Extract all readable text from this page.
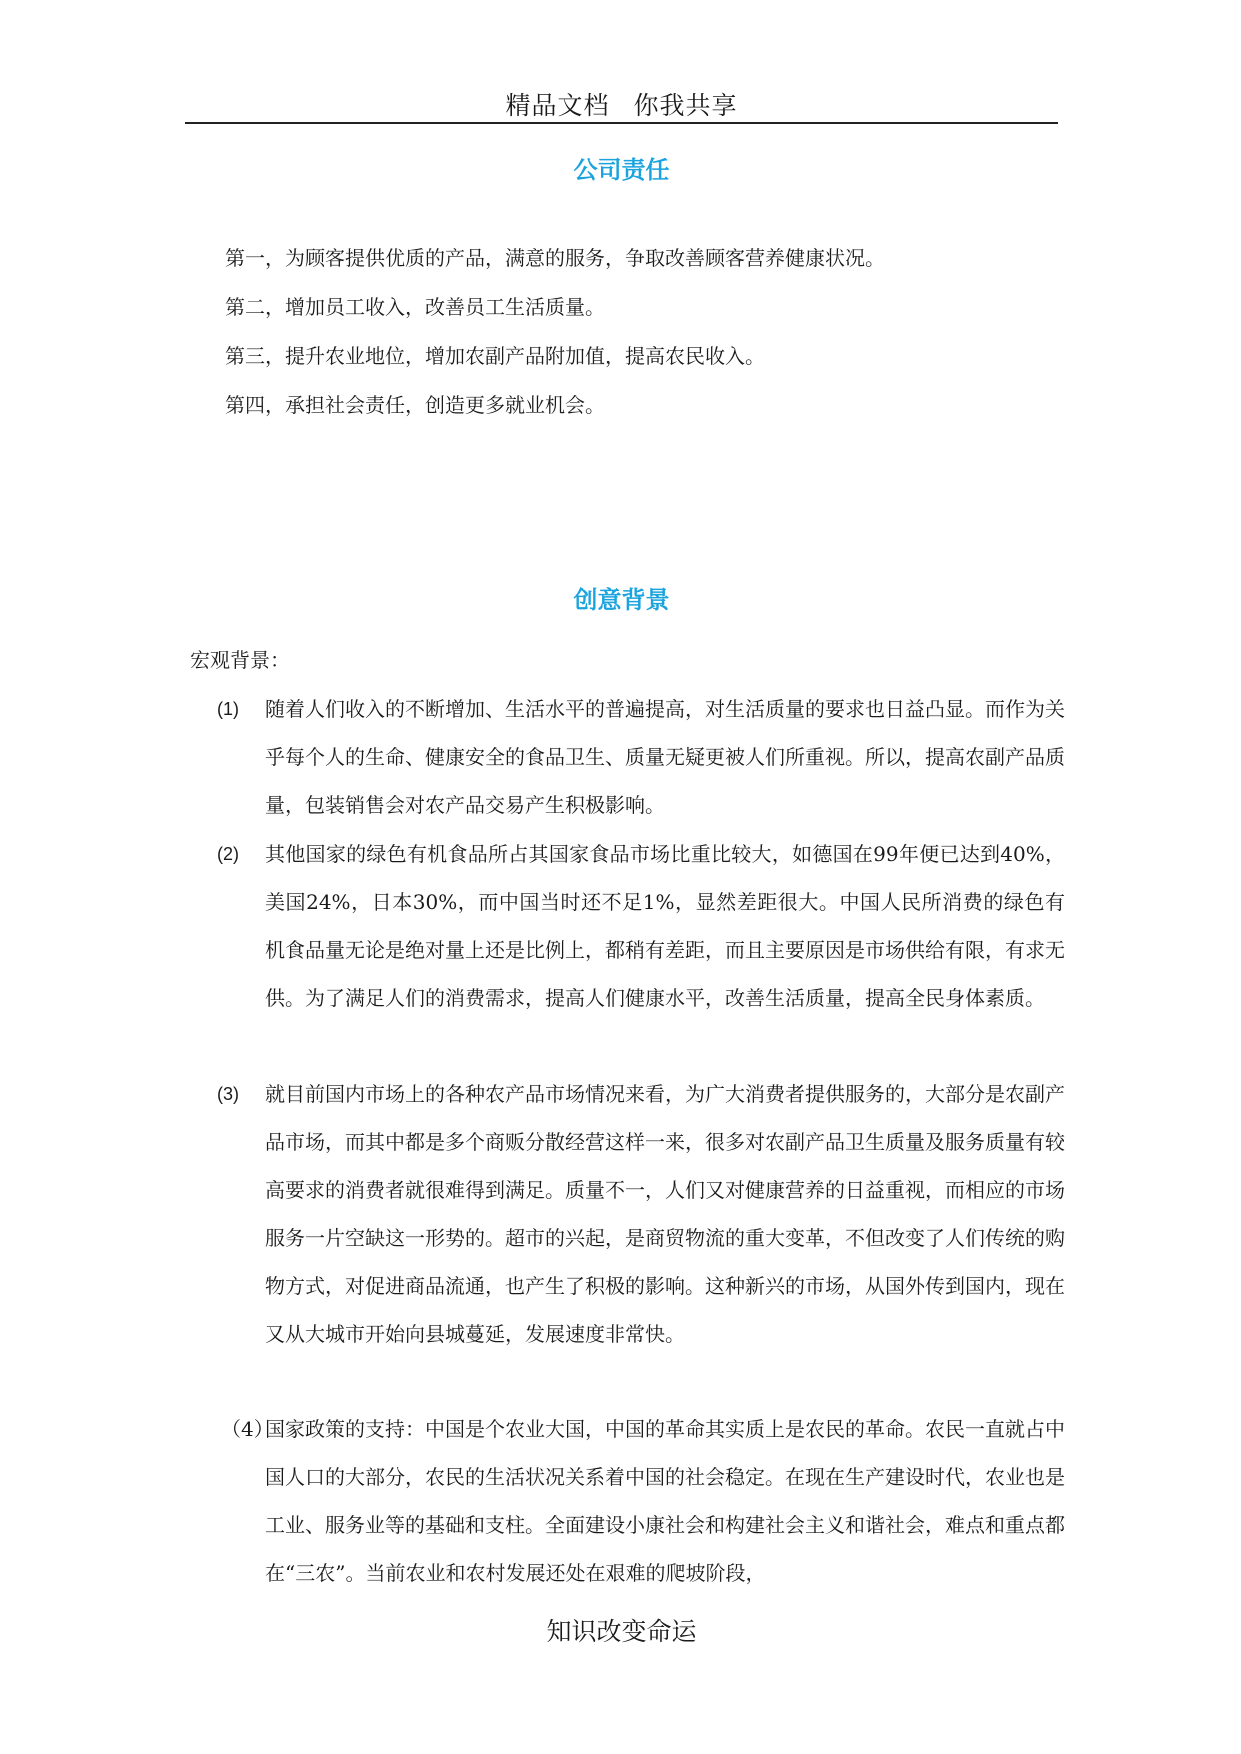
精品文档 你我共享
公司责任
第一，为顾客提供优质的产品，满意的服务，争取改善顾客营养健康状况。
第二，增加员工收入，改善员工生活质量。
第三，提升农业地位，增加农副产品附加值，提高农民收入。
第四，承担社会责任，创造更多就业机会。
创意背景
宏观背景：
(1) 随着人们收入的不断增加、生活水平的普遍提高，对生活质量的要求也日益凸显。而作为关乎每个人的生命、健康安全的食品卫生、质量无疑更被人们所重视。所以，提高农副产品质量，包装销售会对农产品交易产生积极影响。
(2) 其他国家的绿色有机食品所占其国家食品市场比重比较大，如德国在99年便已达到40%，美国24%，日本30%，而中国当时还不足1%，显然差距很大。中国人民所消费的绿色有机食品量无论是绝对量上还是比例上，都稍有差距，而且主要原因是市场供给有限，有求无供。为了满足人们的消费需求，提高人们健康水平，改善生活质量，提高全民身体素质。
(3) 就目前国内市场上的各种农产品市场情况来看，为广大消费者提供服务的，大部分是农副产品市场，而其中都是多个商贩分散经营这样一来，很多对农副产品卫生质量及服务质量有较高要求的消费者就很难得到满足。质量不一，人们又对健康营养的日益重视，而相应的市场服务一片空缺这一形势的。超市的兴起，是商贸物流的重大变革，不但改变了人们传统的购物方式，对促进商品流通，也产生了积极的影响。这种新兴的市场，从国外传到国内，现在又从大城市开始向县城蔓延，发展速度非常快。
（4）
国家政策的支持：中国是个农业大国，中国的革命其实质上是农民的革命。农民一直就占中国人口的大部分，农民的生活状况关系着中国的社会稳定。在现在生产建设时代，农业也是工业、服务业等的基础和支柱。全面建设小康社会和构建社会主义和谐社会，难点和重点都在“三农”。当前农业和农村发展还处在艰难的爬坡阶段，
知识改变命运
